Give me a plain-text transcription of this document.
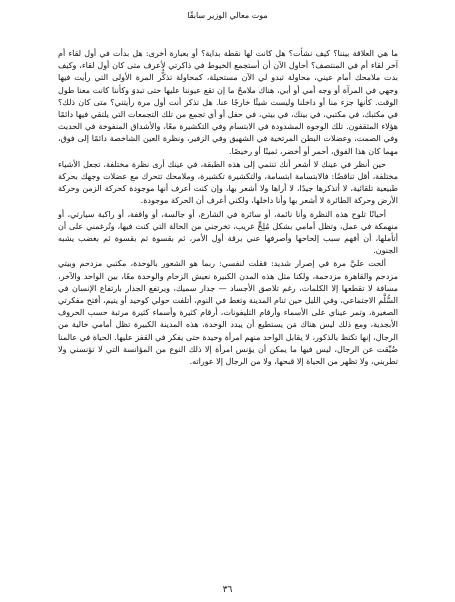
موت معالي الوزير سابقًا

ما هي العلاقة بيننا؟ كيف نشأت؟ هل كانت لها نقطة بداية؟ أو بعبارة أخرى: هل بدأت في أول لقاء أم آخر لقاء أم في المنتصف؟ أحاول الآن أن أستجمع الخيوط في ذاكرتي لأعرف متى كان أول لقاء، وكيف بدت ملامحك أمام عيني، محاولة تبدو لي الآن مستحيلة، كمحاولة تذكُّر المرة الأولى التي رأيت فيها وجهي في المرآة أو وجه أمي أو أبي، هناك ملامحُ ما إن تقع عيوننا عليها حتى تبدوَ وكأننا كانت معنا طول الوقت. كأنها جزء منا أو داخلنا وليست شيئًا خارجًا عنا. هل تذكر أنت أول مرة رأيتني؟ متى كان ذلك؟ في مكتبك، في مكتبي، في بيتك، في بيتي، في حفل أو أي تجمع من تلك التجمعات التي يلتقي فيها دائمًا هؤلاء المثقفون. تلك الوجوه المشدودة في الابتسام وفي التكشيرة معًا، والأشداق المنفوخة في الحديث وفي الصمت، وعضلات البطن المرتخية في الشهيق وفي الزفير، ونظرة العين الشاخصة دائمًا إلى فوق، مهما كان هذا الفوق، أحمر أو أخضر، ثمينًا أو رخيصًا.

حين أنظر في عينك لا أشعر أنك تنتمي إلى هذه الطبقة، في عينك أرى نظرة مختلفة، تجعل الأشياء مختلفة، أقل تناقضًا: فالابتسامة ابتسامة، والتكشيرة تكشيرة، وملامحك تتحرك مع عضلات وجهك بحركة طبيعية تلقائية، لا أتذكرها جيدًا، لا أراها ولا أشعر بها، وإن كنت أعرف أنها موجودة كحركة الزمن وحركة الأرض وحركة الطائرة لا أشعر بها وأنا داخلها، ولكني أعرف أن الحركة موجودة.

أحيانًا تلوح هذه النظرة وأنا نائمة، أو سائرة في الشارع، أو جالسة، أو واقفة، أو راكبة سيارتي، أو منهمكة في عمل، وتظل أمامي بشكل مُلِحٍّ غريب، تخرجني من الحالة التي كنت فيها، وتُرغمني على أن أتأملها، أن أفهم سبب إلحاحها وأصرفها عني برقة أول الأمر، ثم بقسوة ثم بقسوة ثم بغضب يشبه الجنون.

ألحت عليَّ مرة في إصرار شديد: فقلت لنفسي: ربما هو الشعور بالوحدة، مكتبي مزدحم وبيتي مزدحم والقاهرة مزدحمة، ولكنا مثل هذه المدن الكبيرة نعيش الزحام والوحدة معًا، بين الواحد والآخر، مسافة لا تقطعها إلا الكلمات، رغم تلاصق الأجساد — جدار سميك، ويرتفع الجدار بارتفاع الإنسان في السُّلَّم الاجتماعي، وفي الليل حين تنام المدينة وتغط في النوم، أتلفت حولي كوحيد أو يتيم، أفتح مفكرتي الصغيرة، وتمر عيناي على الأسماء وأرقام التليفونات، أرقام كثيرة وأسماء كثيرة مرتبة حسب الحروف الأبجدية، ومع ذلك ليس هناك مَن يستطيع أن يبدد الوحدة، هذه المدينة الكبيرة تظل أمامي خالية من الرجال، إنها تكتظ بالذكور، لا يقابل الواحد منهم امرأة وحيدة حتى يفكر في القفز عليها. الحياة في عالمنا ضُيِّقت عن الرجال، ليس فيها ما يمكن أن يؤنس امرأة إلا ذلك النوع من المؤانسة التي لا تؤنسني ولا تطربني، ولا تظهر من الحياة إلا قبحها، ولا من الرجال إلا عوراته.

٣٦
